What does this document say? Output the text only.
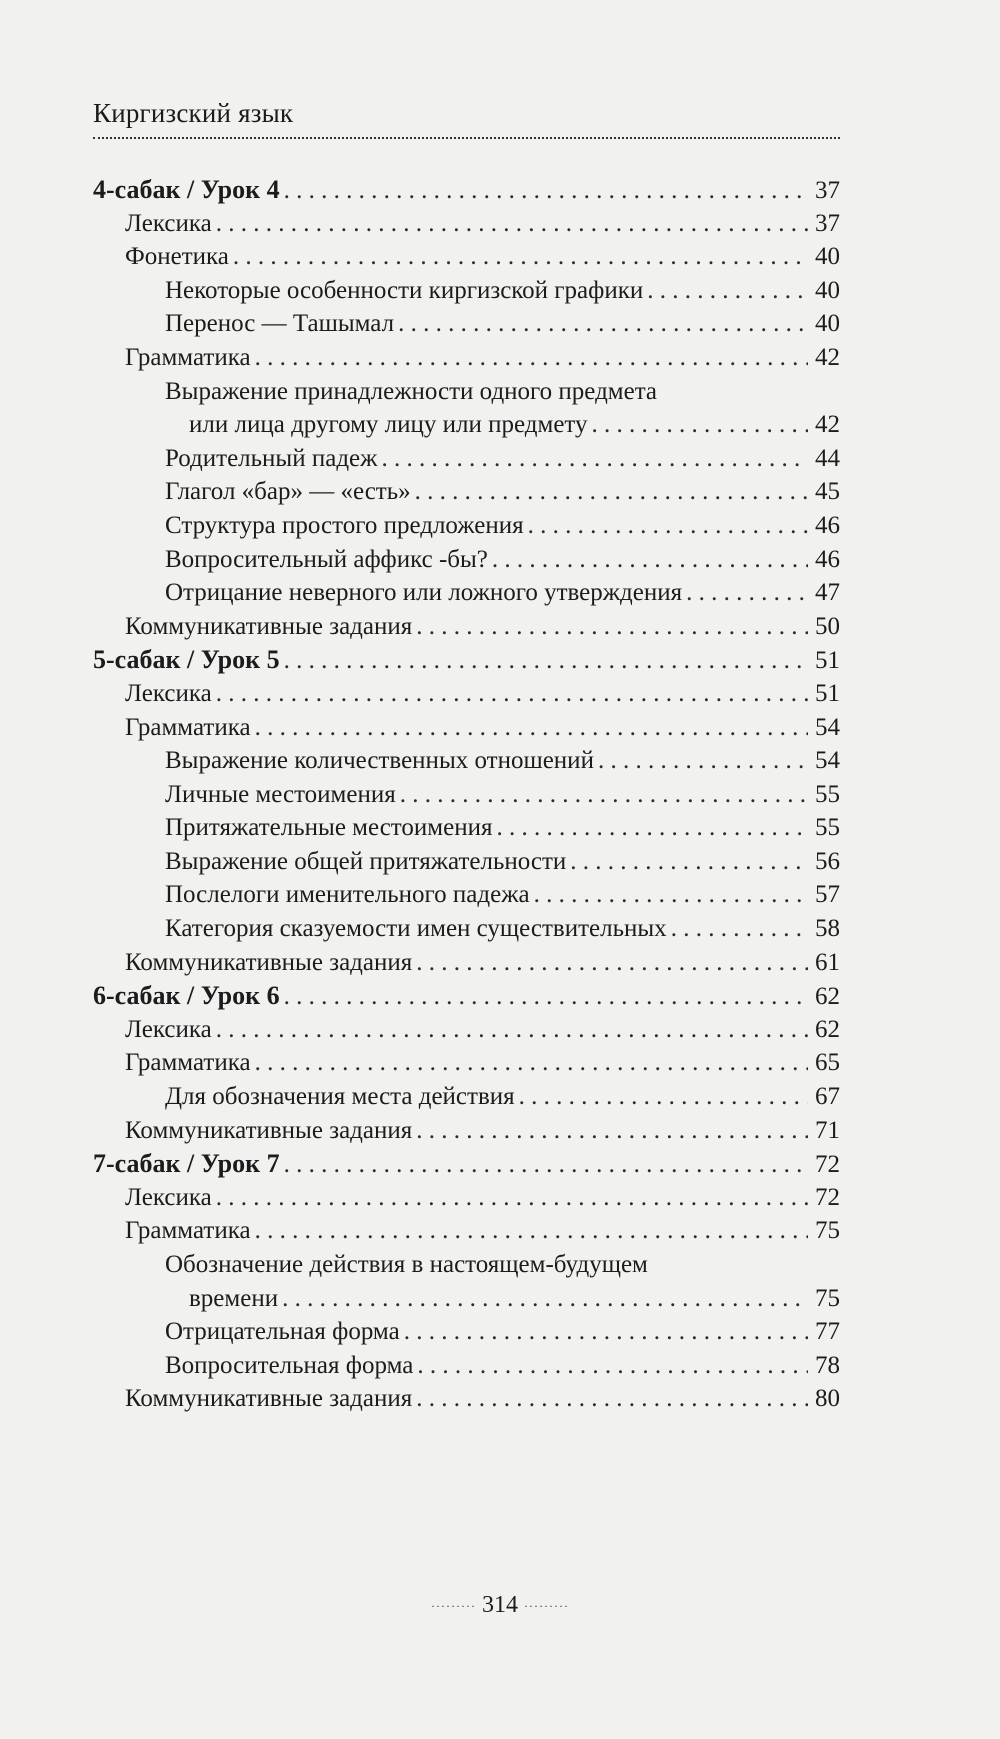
Киргизский язык
4-сабак / Урок 4 . . .	37
Лексика . . .	37
Фонетика . . .	40
Некоторые особенности киргизской графики . . .	40
Перенос — Ташымал . . .	40
Грамматика . . .	42
Выражение принадлежности одного предмета
или лица другому лицу или предмету . . .	42
Родительный падеж . . .	44
Глагол «бар» — «есть» . . .	45
Структура простого предложения . . .	46
Вопросительный аффикс -бы? . . .	46
Отрицание неверного или ложного утверждения . . .	47
Коммуникативные задания . . .	50
5-сабак / Урок 5 . . .	51
Лексика . . .	51
Грамматика . . .	54
Выражение количественных отношений . . .	54
Личные местоимения . . .	55
Притяжательные местоимения . . .	55
Выражение общей притяжательности . . .	56
Послелоги именительного падежа . . .	57
Категория сказуемости имен существительных . . .	58
Коммуникативные задания . . .	61
6-сабак / Урок 6 . . .	62
Лексика . . .	62
Грамматика . . .	65
Для обозначения места действия . . .	67
Коммуникативные задания . . .	71
7-сабак / Урок 7 . . .	72
Лексика . . .	72
Грамматика . . .	75
Обозначение действия в настоящем-будущем
времени . . .	75
Отрицательная форма . . .	77
Вопросительная форма . . .	78
Коммуникативные задания . . .	80
········· 314 ·········
